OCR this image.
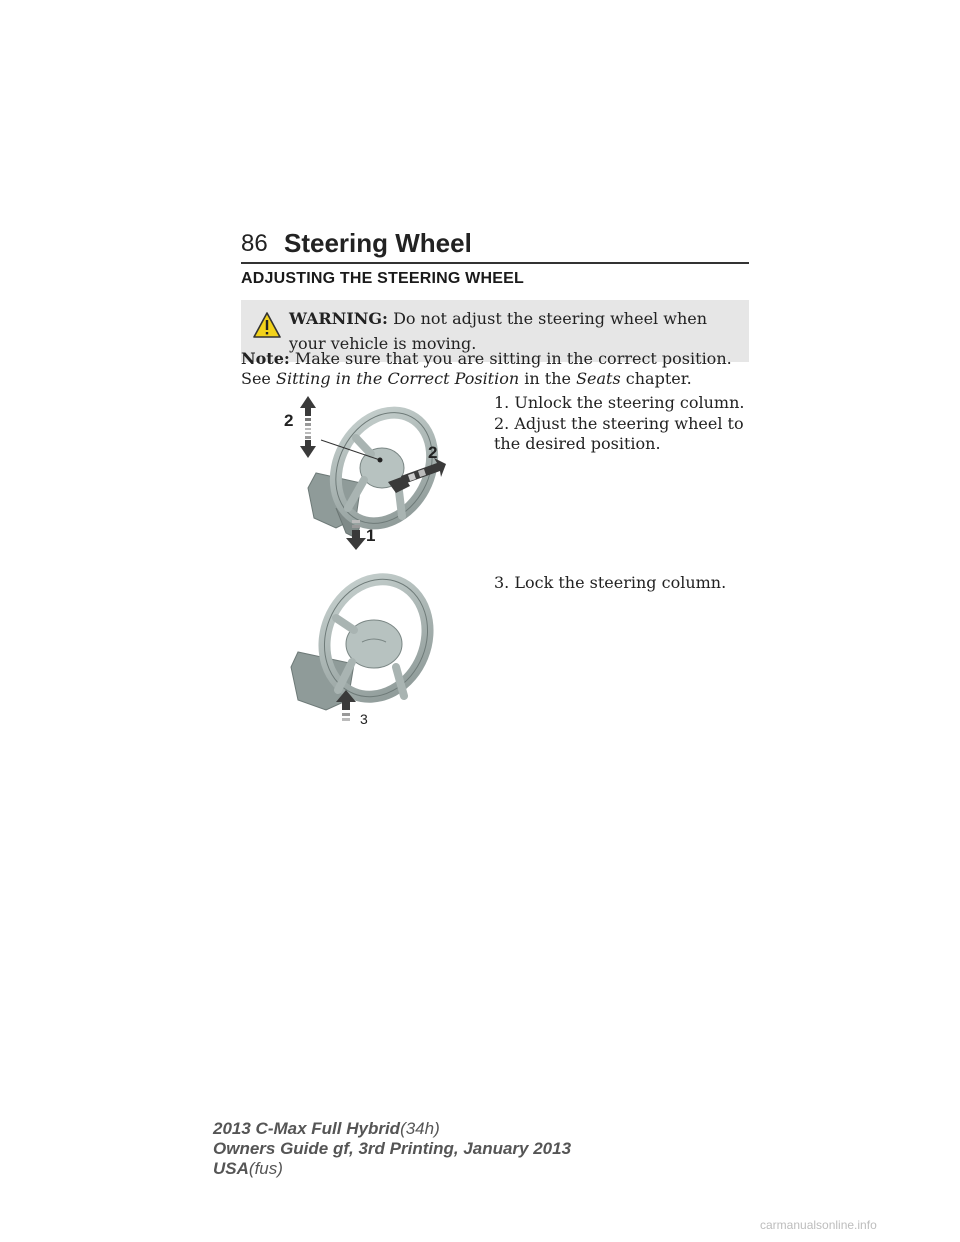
86 Steering Wheel
ADJUSTING THE STEERING WHEEL
WARNING: Do not adjust the steering wheel when your vehicle is moving.
Note: Make sure that you are sitting in the correct position. See Sitting in the Correct Position in the Seats chapter.
1. Unlock the steering column.
2. Adjust the steering wheel to the desired position.
3. Lock the steering column.
2
2
1
3
2013 C-Max Full Hybrid(34h)
Owners Guide gf, 3rd Printing, January 2013
USA(fus)
carmanualsonline.info
